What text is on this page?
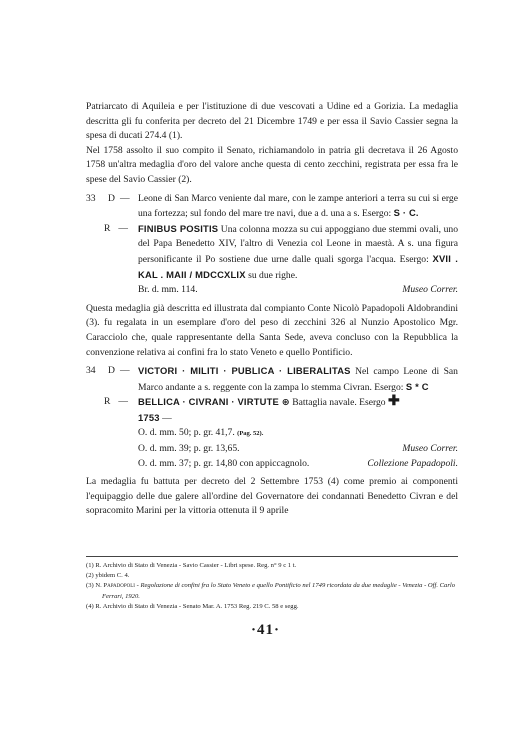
Patriarcato di Aquileia e per l'istituzione di due vescovati a Udine ed a Gorizia. La medaglia descritta gli fu conferita per decreto del 21 Dicembre 1749 e per essa il Savio Cassier segna la spesa di ducati 274.4 (1).

Nel 1758 assolto il suo compito il Senato, richiamandolo in patria gli decretava il 26 Agosto 1758 un'altra medaglia d'oro del valore anche questa di cento zecchini, registrata per essa fra le spese del Savio Cassier (2).

33 D — Leone di San Marco veniente dal mare, con le zampe anteriori a terra su cui si erge una fortezza; sul fondo del mare tre navi, due a d. una a s. Esergo: S · C.

R — FINIBUS POSITIS Una colonna mozza su cui appoggiano due stemmi ovali, uno del Papa Benedetto XIV, l'altro di Venezia col Leone in maestà. A s. una figura personificante il Po sostiene due urne dalle quali sgorga l'acqua. Esergo: XVII . KAL . MAII / MDCCXLIX su due righe.

Br. d. mm. 114.	Museo Correr.

Questa medaglia già descritta ed illustrata dal compianto Conte Nicolò Papadopoli Aldobrandini (3). fu regalata in un esemplare d'oro del peso di zecchini 326 al Nunzio Apostolico Mgr. Caracciolo che, quale rappresentante della Santa Sede, aveva concluso con la Repubblica la convenzione relativa ai confini fra lo stato Veneto e quello Pontificio.

34 D — VICTORI · MILITI · PUBLICA · LIBERALITAS Nel campo Leone di San Marco andante a s. reggente con la zampa lo stemma Civran. Esergo: S * C

R — BELLICA · CIVRANI · VIRTUTE ⊛ Battaglia navale. Esergo ✚
1753 —

O. d. mm. 50; p. gr. 41,7. (Pag. 52).
O. d. mm. 39; p. gr. 13,65.	Museo Correr.
O. d. mm. 37; p. gr. 14,80 con appiccagnolo.	Collezione Papadopoli.

La medaglia fu battuta per decreto del 2 Settembre 1753 (4) come premio ai componenti l'equipaggio delle due galere all'ordine del Governatore dei condannati Benedetto Civran e del sopracomito Marini per la vittoria ottenuta il 9 aprile

(1) R. Archivio di Stato di Venezia - Savio Cassier - Libri spese. Reg. n° 9 c 1 t.
(2) ybidem C. 4.
(3) N. Papadopoli - Regolazione di confini fra lo Stato Veneto e quello Pontificio nel 1749 ricordata da due medaglie - Venezia - Off. Carlo Ferrari, 1920.
(4) R. Archivio di Stato di Venezia - Senato Mar. A. 1753 Reg. 219 C. 58 e segg.
·41·
